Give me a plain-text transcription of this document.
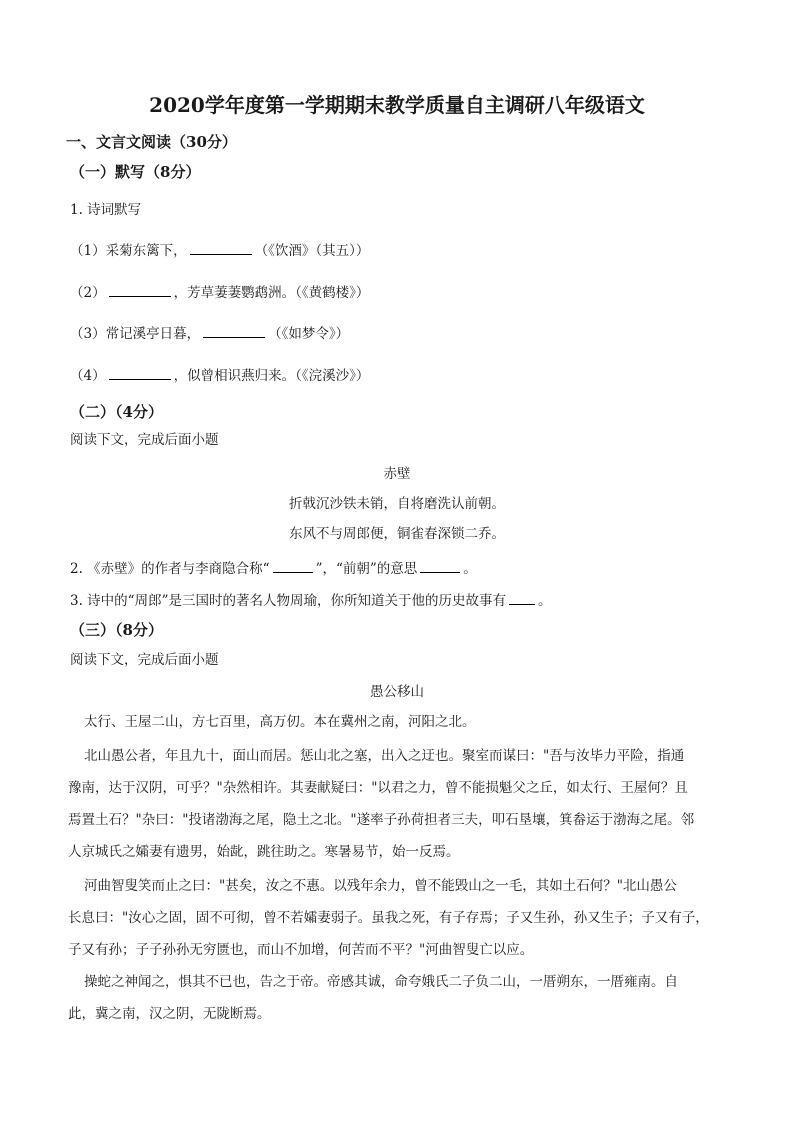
2020学年度第一学期期末教学质量自主调研八年级语文
一、文言文阅读（30分）
（一）默写（8分）
1. 诗词默写
（1）采菊东篱下，	（《饮酒》（其五））
（2）	，芳草萋萋鹦鹉洲。（《黄鹤楼》）
（3）常记溪亭日暮，	（《如梦令》）
（4）	，似曾相识燕归来。（《浣溪沙》）
（二）（4分）
阅读下文，完成后面小题
赤壁
折戟沉沙铁未销，自将磨洗认前朝。
东风不与周郎便，铜雀春深锁二乔。
2. 《赤壁》的作者与李商隐合称“	”，“前朝”的意思	。
3. 诗中的“周郎”是三国时的著名人物周瑜，你所知道关于他的历史故事有 。
（三）（8分）
阅读下文，完成后面小题
愚公移山
太行、王屋二山，方七百里，高万仞。本在冀州之南，河阳之北。
北山愚公者，年且九十，面山而居。惩山北之塞，出入之迂也。聚室而谋曰："吾与汝毕力平险，指通
豫南，达于汉阴，可乎？"杂然相许。其妻献疑曰："以君之力，曾不能损魁父之丘，如太行、王屋何？且
焉置土石？"杂曰："投诸渤海之尾，隐土之北。"遂率子孙荷担者三夫，叩石垦壤，箕畚运于渤海之尾。邻
人京城氏之孀妻有遗男，始龀，跳往助之。寒暑易节，始一反焉。
河曲智叟笑而止之曰："甚矣，汝之不惠。以残年余力，曾不能毁山之一毛，其如土石何？"北山愚公
长息曰："汝心之固，固不可彻，曾不若孀妻弱子。虽我之死，有子存焉；子又生孙，孙又生子；子又有子，
子又有孙；子子孙孙无穷匮也，而山不加增，何苦而不平？"河曲智叟亡以应。
操蛇之神闻之，惧其不已也，告之于帝。帝感其诚，命夸娥氏二子负二山，一厝朔东，一厝雍南。自
此，冀之南，汉之阴，无陇断焉。
